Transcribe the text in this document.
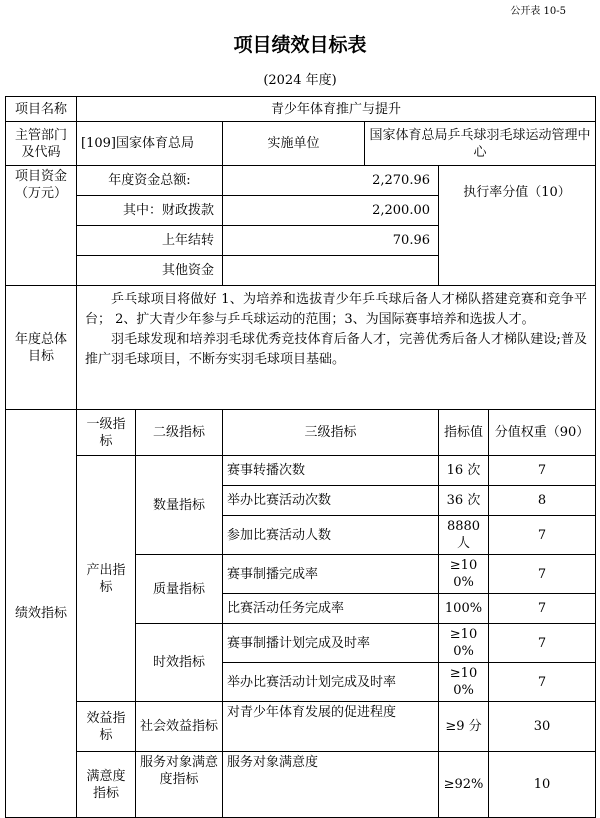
公开表 10-5
项目绩效目标表
(2024 年度)
项目名称	青少年体育推广与提升					
主管部门及代码	[109]国家体育总局		实施单位	国家体育总局乒乓球羽毛球运动管理中心		
项目资金（万元）	年度资金总额:		2,270.96		执行率分值（10）	
	其中：财政拨款		2,200.00			
	上年结转		70.96			
	其他资金					
年度总体目标	乒乓球项目将做好 1、为培养和选拔青少年乒乓球后备人才梯队搭建竞赛和竞争平台； 2、扩大青少年参与乒乓球运动的范围；3、为国际赛事培养和选拔人才。

羽毛球发现和培养羽毛球优秀竞技体育后备人才，完善优秀后备人才梯队建设;普及推广羽毛球项目，不断夯实羽毛球项目基础。					

绩效指标	一级指标	二级指标	三级指标		指标值	分值权重（90）
	产出指标	数量指标	赛事转播次数		16 次	7
			举办比赛活动次数		36 次	8
			参加比赛活动人数		8880 人	7
		质量指标	赛事制播完成率		≥100%	7
			比赛活动任务完成率		100%	7
		时效指标	赛事制播计划完成及时率		≥100%	7
			举办比赛活动计划完成及时率		≥100%	7
	效益指标	社会效益指标	对青少年体育发展的促进程度		≥9 分	30
	满意度指标	服务对象满意度指标	服务对象满意度		≥92%	10
